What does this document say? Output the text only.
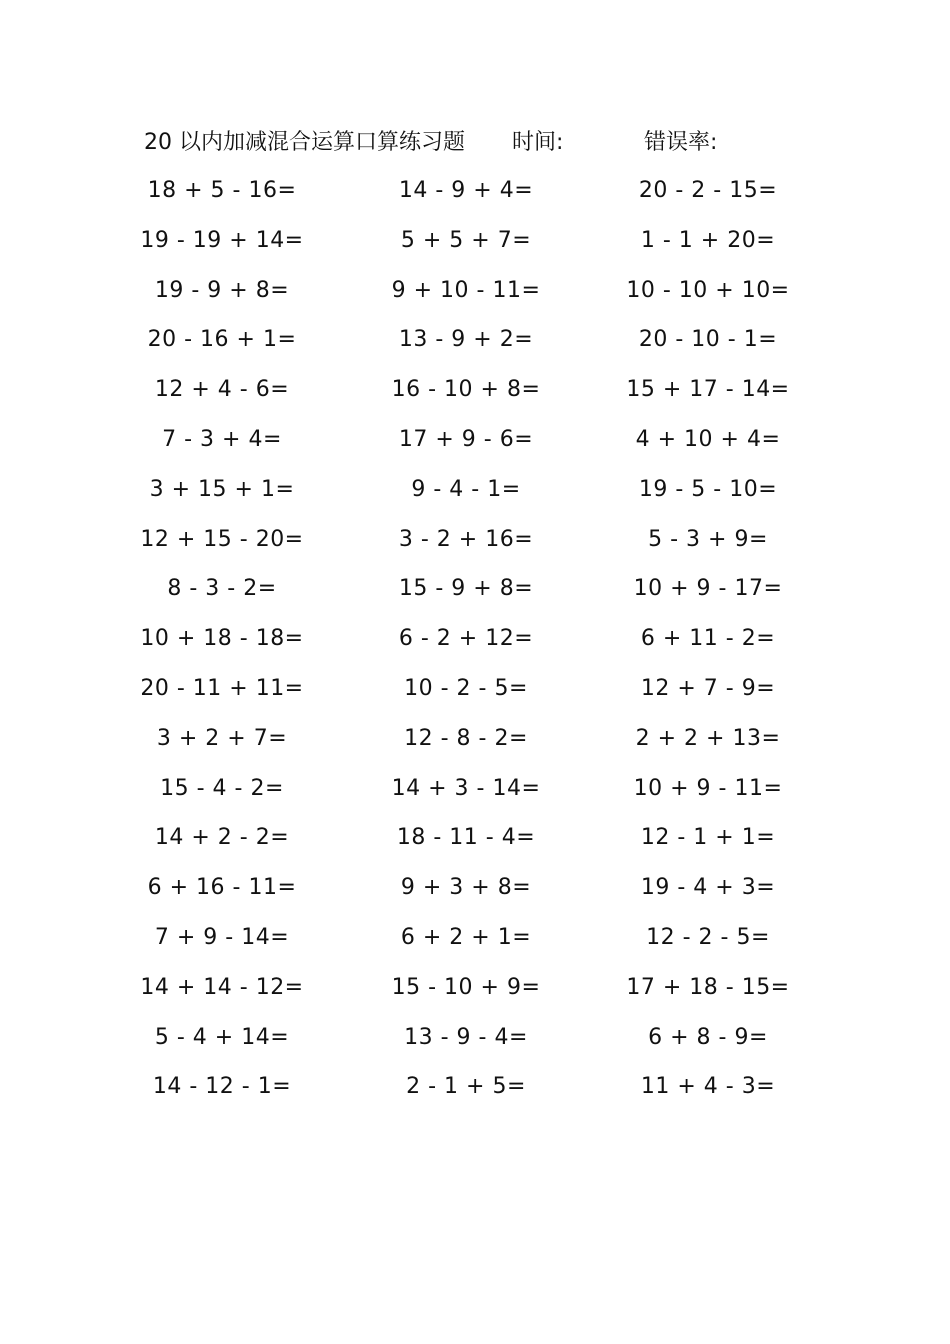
20 以内加减混合运算口算练习题 时间:	错误率:
18 + 5 - 16=	14 - 9 + 4=	20 - 2 - 15=
19 - 19 + 14=	5 + 5 + 7=	1 - 1 + 20=
19 - 9 + 8=	9 + 10 - 11=	10 - 10 + 10=
20 - 16 + 1=	13 - 9 + 2=	20 - 10 - 1=
12 + 4 - 6=	16 - 10 + 8=	15 + 17 - 14=
7 - 3 + 4=	17 + 9 - 6=	4 + 10 + 4=
3 + 15 + 1=	9 - 4 - 1=	19 - 5 - 10=
12 + 15 - 20=	3 - 2 + 16=	5 - 3 + 9=
8 - 3 - 2=	15 - 9 + 8=	10 + 9 - 17=
10 + 18 - 18=	6 - 2 + 12=	6 + 11 - 2=
20 - 11 + 11=	10 - 2 - 5=	12 + 7 - 9=
3 + 2 + 7=	12 - 8 - 2=	2 + 2 + 13=
15 - 4 - 2=	14 + 3 - 14=	10 + 9 - 11=
14 + 2 - 2=	18 - 11 - 4=	12 - 1 + 1=
6 + 16 - 11=	9 + 3 + 8=	19 - 4 + 3=
7 + 9 - 14=	6 + 2 + 1=	12 - 2 - 5=
14 + 14 - 12=	15 - 10 + 9=	17 + 18 - 15=
5 - 4 + 14=	13 - 9 - 4=	6 + 8 - 9=
14 - 12 - 1=	2 - 1 + 5=	11 + 4 - 3=
